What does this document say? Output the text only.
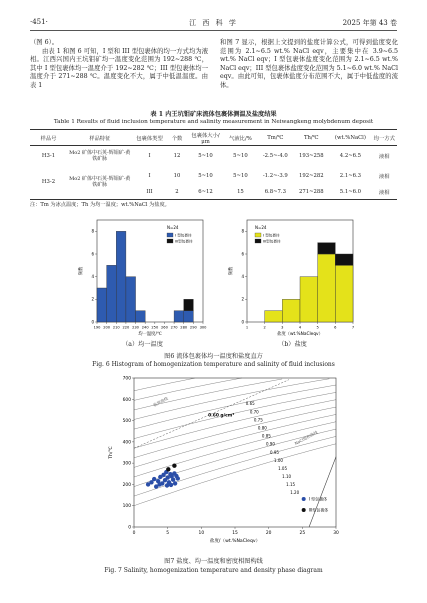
·451·	江 西 科 学	2025 年第 43 卷
（图 6）。
由表 1 和图 6 可知，I 型和 III 型包裹体的均一方式均为液相。江西兴国内王坑钼矿均一温度变化范围为 192~288 ℃，其中 I 型包裹体均一温度介于 192~282 ℃；III 型包裹体均一温度介于 271~288 ℃。温度变化不大，属于中低温温度。由表 1
和图 7 显示，根据上文提到的盐度计算公式，可得到盐度变化范围为 2.1~6.5 wt.% NaCl eqv，主要集中在 3.9~6.5 wt.% NaCl eqv；I 型包裹体盐度变化范围为 2.1~6.5 wt.% NaCl eqv；III 型包裹体盐度变化范围为 5.1~6.0 wt.% NaCl eqv。由此可知，包裹体盐度分布范围不大，属于中低盐度的流体。
表 1 内王坑钼矿床流体包裹体测温及盐度结果
Table 1 Results of fluid inclusion temperature and salinity measurement in Neiwangkeng molybdenum deposit
样品号	样品特征	包裹体类型	个数	包裹体大小/μm	气液比/%	Tm/℃	Th/℃	(wt.%NaCl)	均一方式
H3-1	Mo2 矿体中石英-辉钼矿-黄铁矿脉	I	12	5~10	5~10	-2.5~-4.0	193~258	4.2~6.5	液相
H3-2	Mo2 矿体中石英-辉钼矿-黄铁矿脉	I	10	5~10	5~10	-1.2~-3.9	192~282	2.1~6.3	液相
		III	2	6~12	15	6.8~7.3	271~288	5.1~6.0	液相
注：Tm 为冰点温度；Th 为均一温度；wt.%NaCl 为盐度。
190 200 210 220 230 240 250 260 270 280 290 300
0
2
4
6
8
均一温度/℃
频数
N=24
I 型包裹体
III型包裹体
1	2	3	4	5	6	7
0
2
4
6
8
盐度（wt.%NaCleqv）
频数
N=24
I 型包裹体
III型包裹体
（a）均一温度	（b）盐度
图6 流体包裹体均一温度和盐度直方
Fig. 6 Histogram of homogenization temperature and salinity of fluid inclusions
0.60 g/cm³
0.65
0.70
0.75
0.80
0.85
0.90
0.95
1.00
1.05
1.10
1.15
1.20
临界曲线
NaCl饱和曲线
0	5	10	15	20	25	30
0
100
200
300
400
500
600
700
盐度/（wt.%NaClеqv）
Th/℃
I 型包裹体
III型包裹体
图7 盐度、均一温度和密度相图构线
Fig. 7 Salinity, homogenization temperature and density phase diagram
